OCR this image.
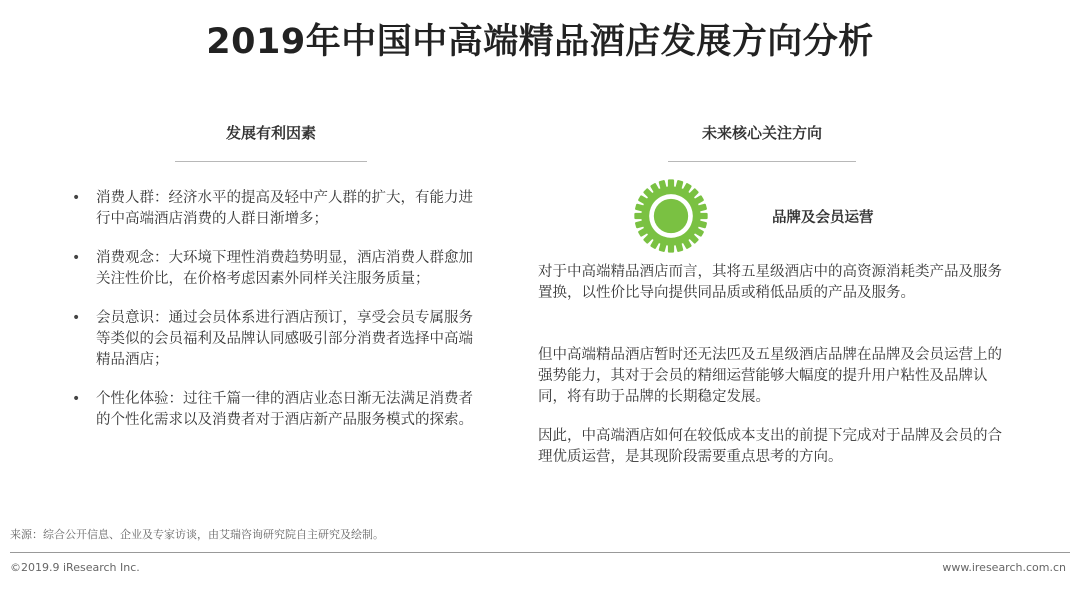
2019年中国中高端精品酒店发展方向分析
发展有利因素	未来核心关注方向
• 消费人群：经济水平的提高及轻中产人群的扩大，有能力进行中高端酒店消费的人群日渐增多；
• 消费观念：大环境下理性消费趋势明显，酒店消费人群愈加关注性价比，在价格考虑因素外同样关注服务质量；
• 会员意识：通过会员体系进行酒店预订，享受会员专属服务等类似的会员福利及品牌认同感吸引部分消费者选择中高端精品酒店；
• 个性化体验：过往千篇一律的酒店业态日渐无法满足消费者的个性化需求以及消费者对于酒店新产品服务模式的探索。
品牌及会员运营

对于中高端精品酒店而言，其将五星级酒店中的高资源消耗类产品及服务置换，以性价比导向提供同品质或稍低品质的产品及服务。

但中高端精品酒店暂时还无法匹及五星级酒店品牌在品牌及会员运营上的强势能力，其对于会员的精细运营能够大幅度的提升用户粘性及品牌认同，将有助于品牌的长期稳定发展。

因此，中高端酒店如何在较低成本支出的前提下完成对于品牌及会员的合理优质运营，是其现阶段需要重点思考的方向。

来源：综合公开信息、企业及专家访谈，由艾瑞咨询研究院自主研究及绘制。
©2019.9 iResearch Inc.	www.iresearch.com.cn
